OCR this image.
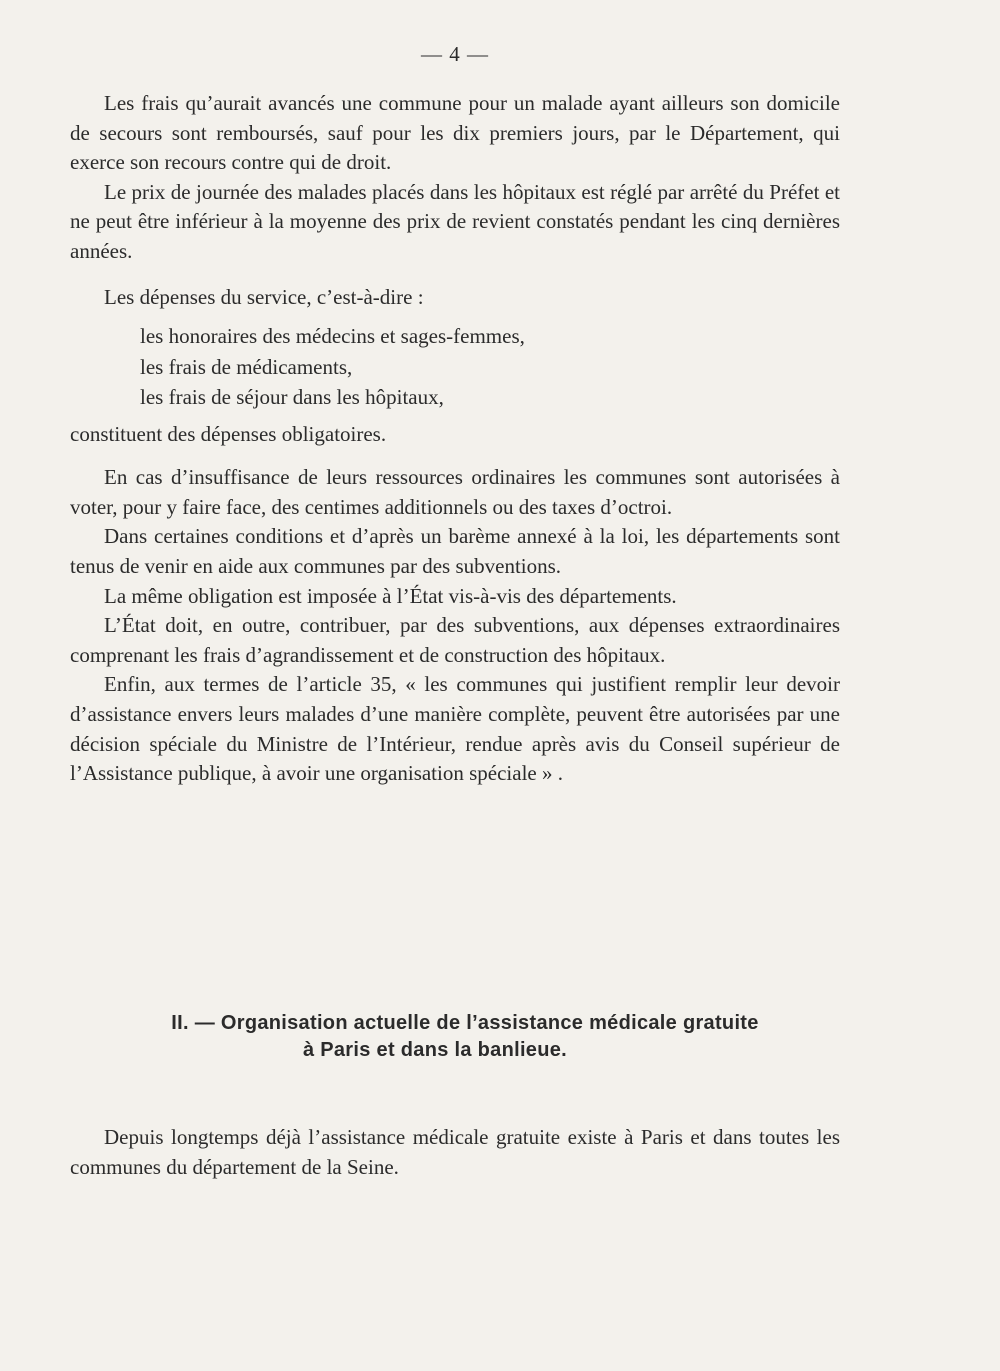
— 4 —

Les frais qu’aurait avancés une commune pour un malade ayant ailleurs son domicile de secours sont remboursés, sauf pour les dix premiers jours, par le Département, qui exerce son recours contre qui de droit.

Le prix de journée des malades placés dans les hôpitaux est réglé par arrêté du Préfet et ne peut être inférieur à la moyenne des prix de revient constatés pendant les cinq dernières années.

Les dépenses du service, c’est-à-dire :

les honoraires des médecins et sages-femmes,
les frais de médicaments,
les frais de séjour dans les hôpitaux,

constituent des dépenses obligatoires.

En cas d’insuffisance de leurs ressources ordinaires les communes sont autorisées à voter, pour y faire face, des centimes additionnels ou des taxes d’octroi.

Dans certaines conditions et d’après un barème annexé à la loi, les départements sont tenus de venir en aide aux communes par des subventions.

La même obligation est imposée à l’État vis-à-vis des départements.

L’État doit, en outre, contribuer, par des subventions, aux dépenses extraordinaires comprenant les frais d’agrandissement et de construction des hôpitaux.

Enfin, aux termes de l’article 35, « les communes qui justifient remplir leur devoir d’assistance envers leurs malades d’une manière complète, peuvent être autorisées par une décision spéciale du Ministre de l’Intérieur, rendue après avis du Conseil supérieur de l’Assistance publique, à avoir une organisation spéciale » .

II. — Organisation actuelle de l’assistance médicale gratuite
à Paris et dans la banlieue.

Depuis longtemps déjà l’assistance médicale gratuite existe à Paris et dans toutes les communes du département de la Seine.
